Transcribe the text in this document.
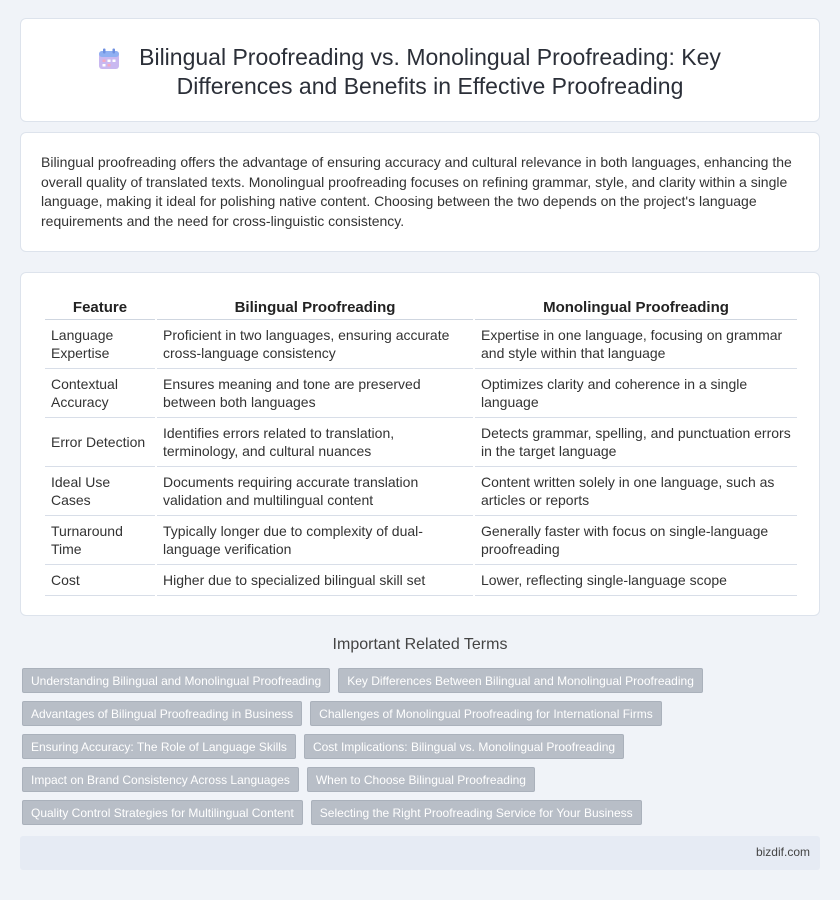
Bilingual Proofreading vs. Monolingual Proofreading: Key Differences and Benefits in Effective Proofreading

Bilingual proofreading offers the advantage of ensuring accuracy and cultural relevance in both languages, enhancing the overall quality of translated texts. Monolingual proofreading focuses on refining grammar, style, and clarity within a single language, making it ideal for polishing native content. Choosing between the two depends on the project's language requirements and the need for cross-linguistic consistency.

Feature	Bilingual Proofreading	Monolingual Proofreading
Language Expertise	Proficient in two languages, ensuring accurate cross-language consistency	Expertise in one language, focusing on grammar and style within that language
Contextual Accuracy	Ensures meaning and tone are preserved between both languages	Optimizes clarity and coherence in a single language
Error Detection	Identifies errors related to translation, terminology, and cultural nuances	Detects grammar, spelling, and punctuation errors in the target language
Ideal Use Cases	Documents requiring accurate translation validation and multilingual content	Content written solely in one language, such as articles or reports
Turnaround Time	Typically longer due to complexity of dual-language verification	Generally faster with focus on single-language proofreading
Cost	Higher due to specialized bilingual skill set	Lower, reflecting single-language scope
Important Related Terms
Understanding Bilingual and Monolingual Proofreading	Key Differences Between Bilingual and Monolingual Proofreading
Advantages of Bilingual Proofreading in Business	Challenges of Monolingual Proofreading for International Firms
Ensuring Accuracy: The Role of Language Skills	Cost Implications: Bilingual vs. Monolingual Proofreading
Impact on Brand Consistency Across Languages	When to Choose Bilingual Proofreading
Quality Control Strategies for Multilingual Content	Selecting the Right Proofreading Service for Your Business
bizdif.com
